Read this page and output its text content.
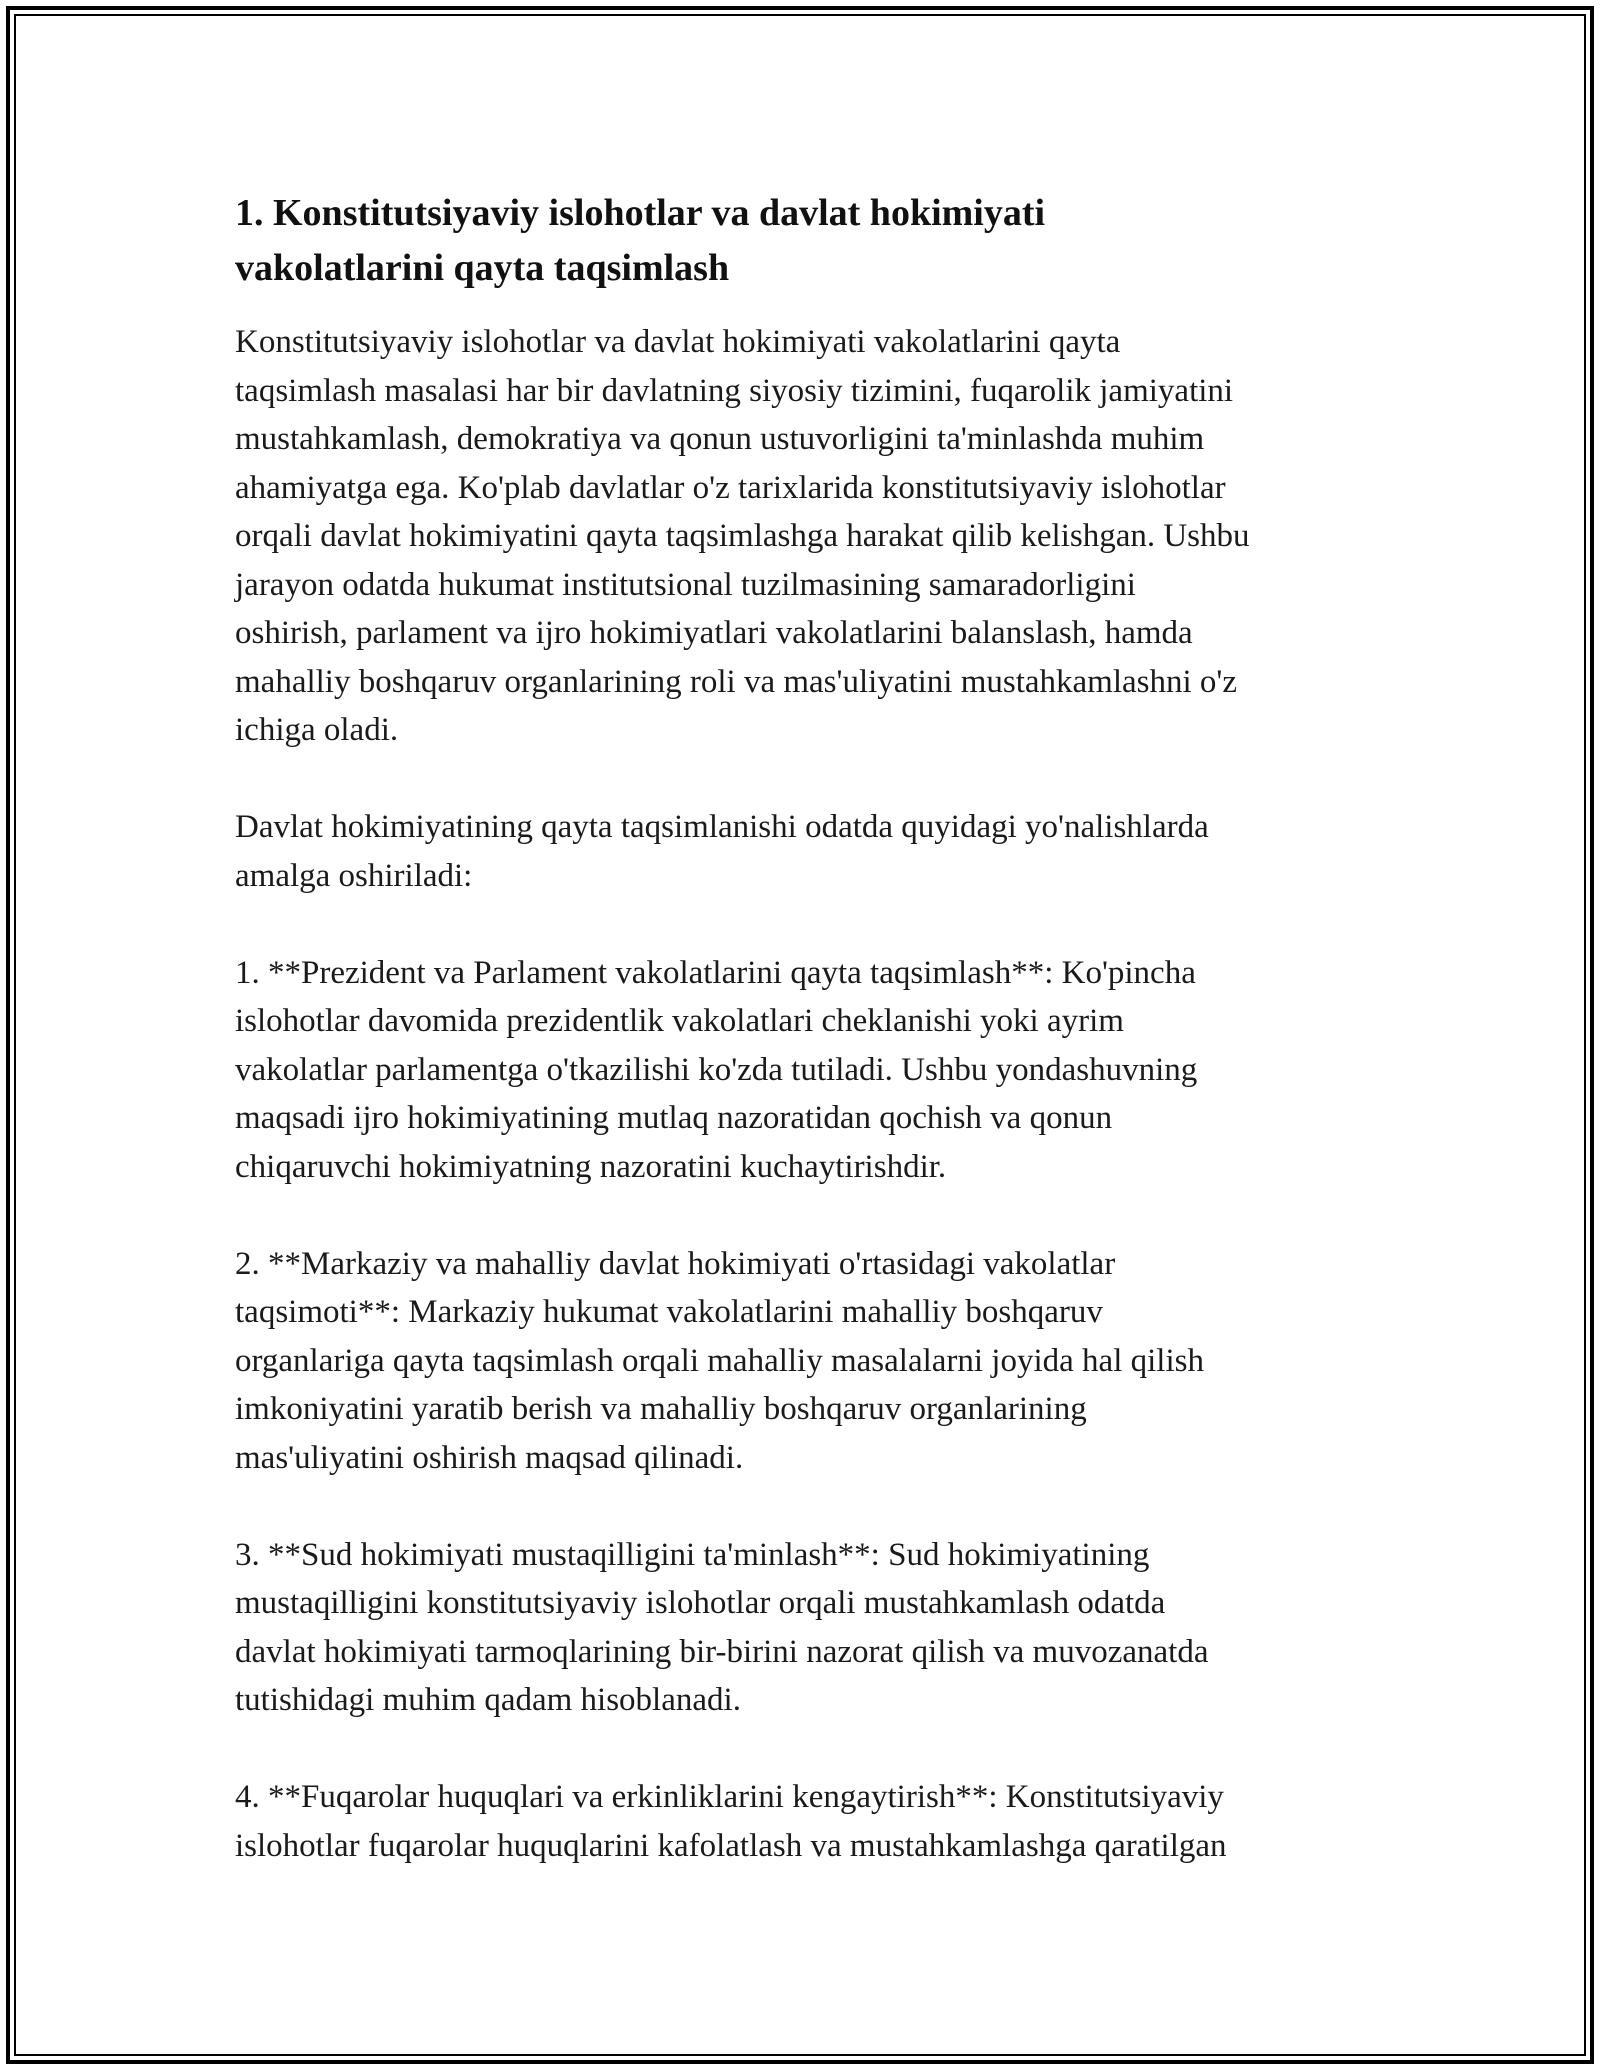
1. Konstitutsiyaviy islohotlar va davlat hokimiyati
vakolatlarini qayta taqsimlash

Konstitutsiyaviy islohotlar va davlat hokimiyati vakolatlarini qayta
taqsimlash masalasi har bir davlatning siyosiy tizimini, fuqarolik jamiyatini
mustahkamlash, demokratiya va qonun ustuvorligini ta'minlashda muhim
ahamiyatga ega. Ko'plab davlatlar o'z tarixlarida konstitutsiyaviy islohotlar
orqali davlat hokimiyatini qayta taqsimlashga harakat qilib kelishgan. Ushbu
jarayon odatda hukumat institutsional tuzilmasining samaradorligini
oshirish, parlament va ijro hokimiyatlari vakolatlarini balanslash, hamda
mahalliy boshqaruv organlarining roli va mas'uliyatini mustahkamlashni o'z
ichiga oladi.

Davlat hokimiyatining qayta taqsimlanishi odatda quyidagi yo'nalishlarda
amalga oshiriladi:

1. **Prezident va Parlament vakolatlarini qayta taqsimlash**: Ko'pincha
islohotlar davomida prezidentlik vakolatlari cheklanishi yoki ayrim
vakolatlar parlamentga o'tkazilishi ko'zda tutiladi. Ushbu yondashuvning
maqsadi ijro hokimiyatining mutlaq nazoratidan qochish va qonun
chiqaruvchi hokimiyatning nazoratini kuchaytirishdir.

2. **Markaziy va mahalliy davlat hokimiyati o'rtasidagi vakolatlar
taqsimoti**: Markaziy hukumat vakolatlarini mahalliy boshqaruv
organlariga qayta taqsimlash orqali mahalliy masalalarni joyida hal qilish
imkoniyatini yaratib berish va mahalliy boshqaruv organlarining
mas'uliyatini oshirish maqsad qilinadi.

3. **Sud hokimiyati mustaqilligini ta'minlash**: Sud hokimiyatining
mustaqilligini konstitutsiyaviy islohotlar orqali mustahkamlash odatda
davlat hokimiyati tarmoqlarining bir-birini nazorat qilish va muvozanatda
tutishidagi muhim qadam hisoblanadi.

4. **Fuqarolar huquqlari va erkinliklarini kengaytirish**: Konstitutsiyaviy
islohotlar fuqarolar huquqlarini kafolatlash va mustahkamlashga qaratilgan
